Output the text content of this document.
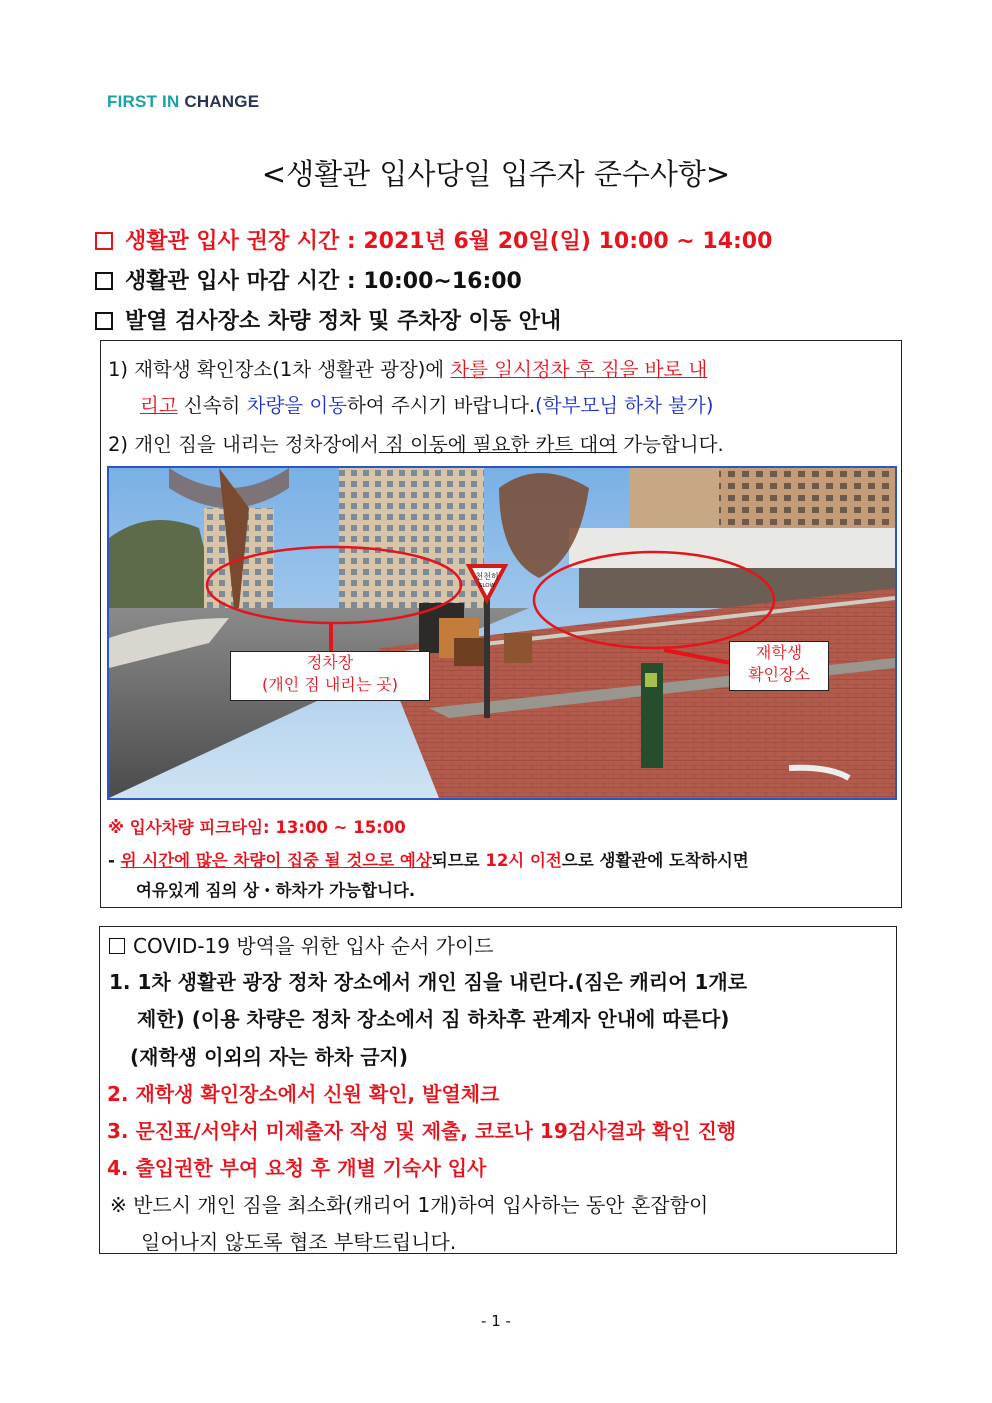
FIRST IN CHANGE
<생활관 입사당일 입주자 준수사항>
생활관 입사 권장 시간 : 2021년 6월 20일(일) 10:00 ~ 14:00
생활관 입사 마감 시간 : 10:00~16:00
발열 검사장소 차량 정차 및 주차장 이동 안내
1) 재학생 확인장소(1차 생활관 광장)에 차를 일시정차 후 짐을 바로 내
리고 신속히 차량을 이동하여 주시기 바랍니다.(학부모님 하차 불가)
2) 개인 짐을 내리는 정차장에서 짐 이동에 필요한 카트 대여 가능합니다.
천천히
SLOW
정차장
(개인 짐 내리는 곳)
재학생
확인장소
※ 입사차량 피크타임: 13:00 ~ 15:00
- 위 시간에 많은 차량이 집중 될 것으로 예상되므로 12시 이전으로 생활관에 도착하시면
여유있게 짐의 상・하차가 가능합니다.
COVID-19 방역을 위한 입사 순서 가이드
1. 1차 생활관 광장 정차 장소에서 개인 짐을 내린다.(짐은 캐리어 1개로
제한) (이용 차량은 정차 장소에서 짐 하차후 관계자 안내에 따른다)
(재학생 이외의 자는 하차 금지)
2. 재학생 확인장소에서 신원 확인, 발열체크
3. 문진표/서약서 미제출자 작성 및 제출, 코로나 19검사결과 확인 진행
4. 출입권한 부여 요청 후 개별 기숙사 입사
※ 반드시 개인 짐을 최소화(캐리어 1개)하여 입사하는 동안 혼잡함이
일어나지 않도록 협조 부탁드립니다.
- 1 -
